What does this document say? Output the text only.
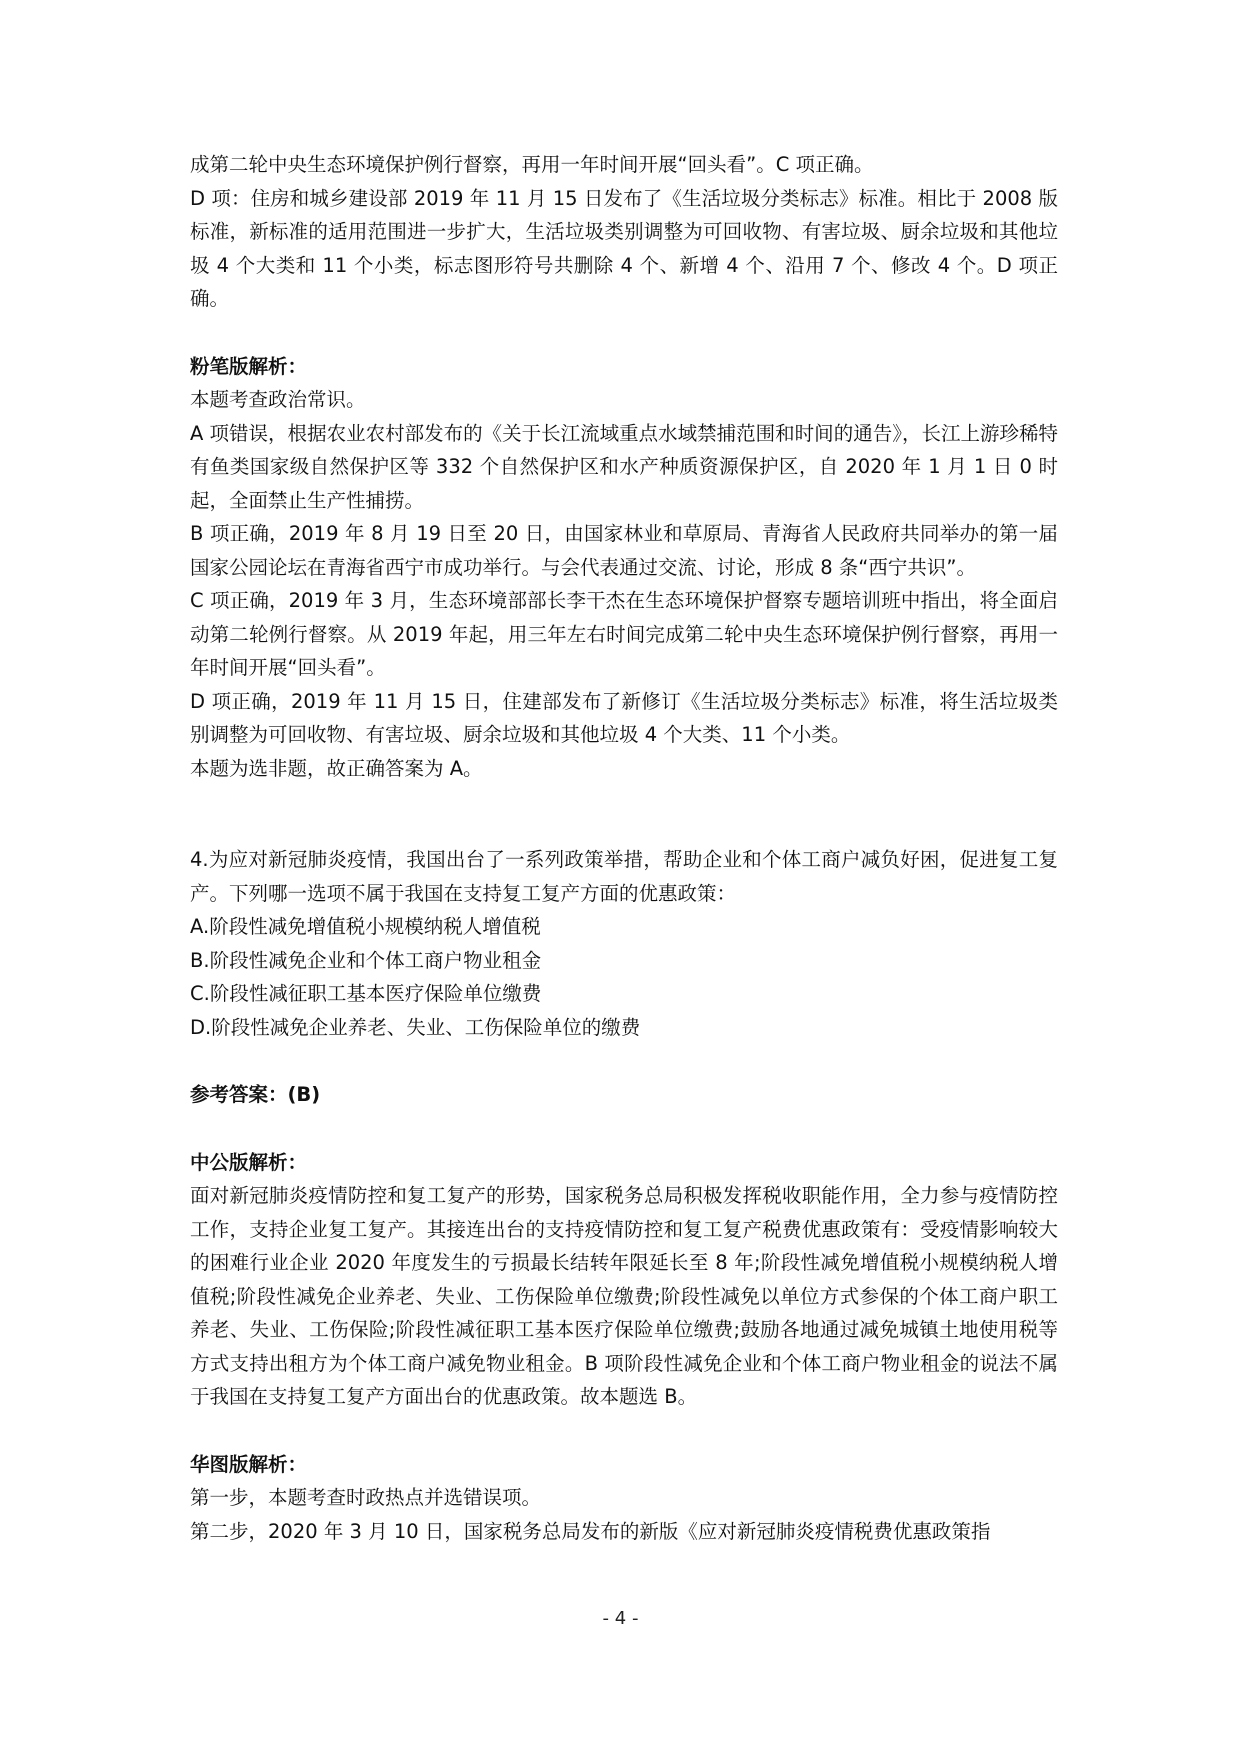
成第二轮中央生态环境保护例行督察，再用一年时间开展“回头看”。C 项正确。

D 项：住房和城乡建设部 2019 年 11 月 15 日发布了《生活垃圾分类标志》标准。相比于 2008 版标准，新标准的适用范围进一步扩大，生活垃圾类别调整为可回收物、有害垃圾、厨余垃圾和其他垃圾 4 个大类和 11 个小类，标志图形符号共删除 4 个、新增 4 个、沿用 7 个、修改 4 个。D 项正确。

粉笔版解析：

本题考查政治常识。

A 项错误，根据农业农村部发布的《关于长江流域重点水域禁捕范围和时间的通告》，长江上游珍稀特有鱼类国家级自然保护区等 332 个自然保护区和水产种质资源保护区，自 2020 年 1 月 1 日 0 时起，全面禁止生产性捕捞。

B 项正确，2019 年 8 月 19 日至 20 日，由国家林业和草原局、青海省人民政府共同举办的第一届国家公园论坛在青海省西宁市成功举行。与会代表通过交流、讨论，形成 8 条“西宁共识”。

C 项正确，2019 年 3 月，生态环境部部长李干杰在生态环境保护督察专题培训班中指出，将全面启动第二轮例行督察。从 2019 年起，用三年左右时间完成第二轮中央生态环境保护例行督察，再用一年时间开展“回头看”。

D 项正确，2019 年 11 月 15 日，住建部发布了新修订《生活垃圾分类标志》标准，将生活垃圾类别调整为可回收物、有害垃圾、厨余垃圾和其他垃圾 4 个大类、11 个小类。

本题为选非题，故正确答案为 A。

4.为应对新冠肺炎疫情，我国出台了一系列政策举措，帮助企业和个体工商户减负好困，促进复工复产。下列哪一选项不属于我国在支持复工复产方面的优惠政策：

A.阶段性减免增值税小规模纳税人增值税

B.阶段性减免企业和个体工商户物业租金

C.阶段性减征职工基本医疗保险单位缴费

D.阶段性减免企业养老、失业、工伤保险单位的缴费

参考答案：(B)

中公版解析：

面对新冠肺炎疫情防控和复工复产的形势，国家税务总局积极发挥税收职能作用，全力参与疫情防控工作，支持企业复工复产。其接连出台的支持疫情防控和复工复产税费优惠政策有：受疫情影响较大的困难行业企业 2020 年度发生的亏损最长结转年限延长至 8 年;阶段性减免增值税小规模纳税人增值税;阶段性减免企业养老、失业、工伤保险单位缴费;阶段性减免以单位方式参保的个体工商户职工养老、失业、工伤保险;阶段性减征职工基本医疗保险单位缴费;鼓励各地通过减免城镇土地使用税等方式支持出租方为个体工商户减免物业租金。B 项阶段性减免企业和个体工商户物业租金的说法不属于我国在支持复工复产方面出台的优惠政策。故本题选 B。

华图版解析：

第一步，本题考查时政热点并选错误项。

第二步，2020 年 3 月 10 日，国家税务总局发布的新版《应对新冠肺炎疫情税费优惠政策指

- 4 -
